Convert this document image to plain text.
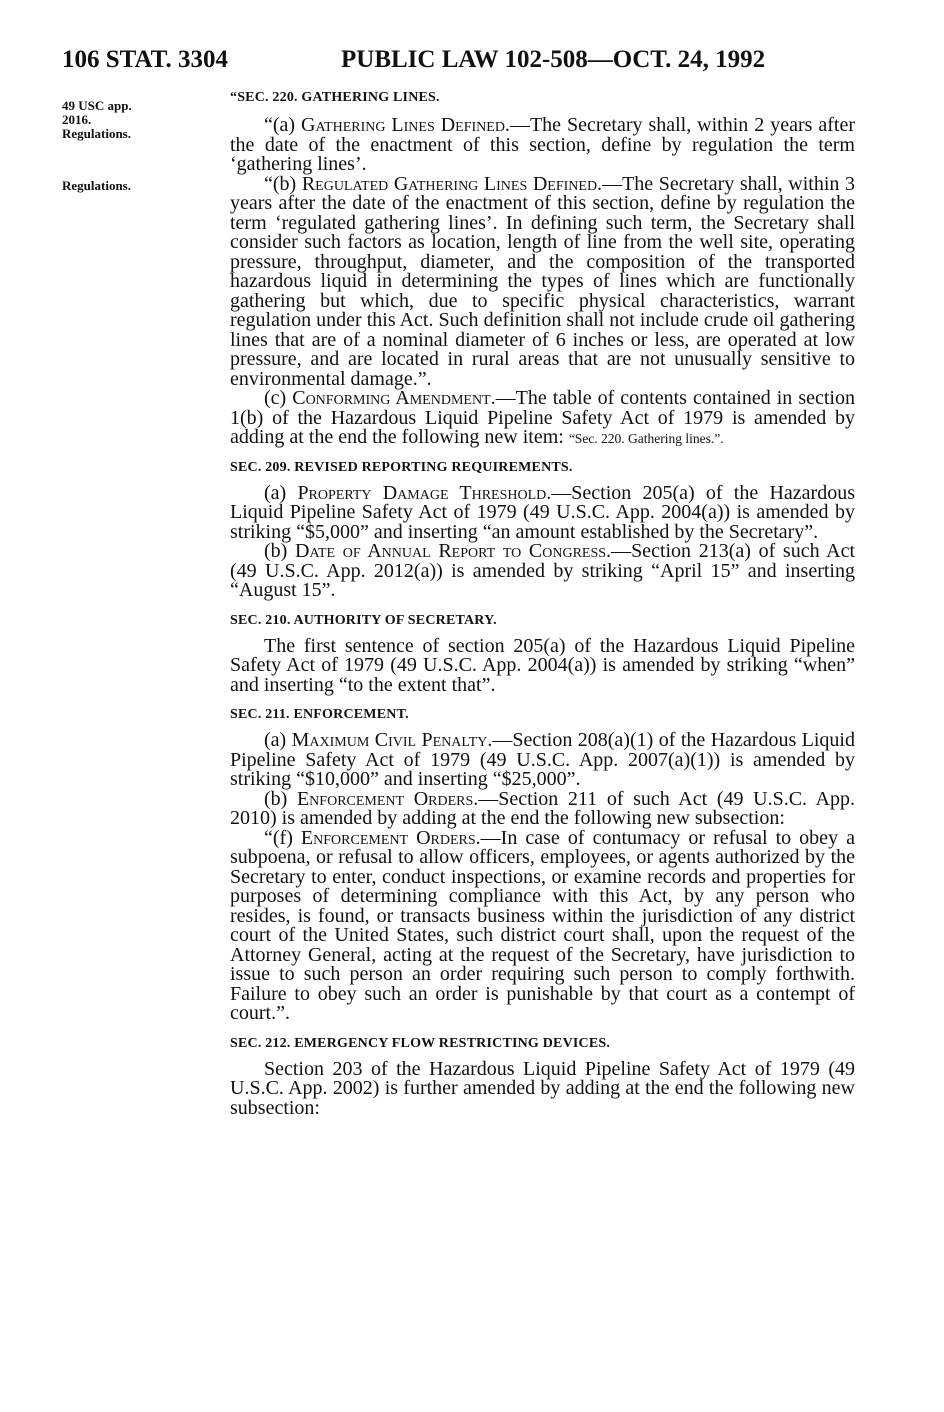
106 STAT. 3304	PUBLIC LAW 102-508—OCT. 24, 1992
49 USC app.
2016.
Regulations.
Regulations.
“SEC. 220. GATHERING LINES.

“(a) Gathering Lines Defined.—The Secretary shall, within 2 years after the date of the enactment of this section, define by regulation the term ‘gathering lines’.

“(b) Regulated Gathering Lines Defined.—The Secretary shall, within 3 years after the date of the enactment of this section, define by regulation the term ‘regulated gathering lines’. In defining such term, the Secretary shall consider such factors as location, length of line from the well site, operating pressure, throughput, diameter, and the composition of the transported hazardous liquid in determining the types of lines which are functionally gathering but which, due to specific physical characteristics, warrant regulation under this Act. Such definition shall not include crude oil gathering lines that are of a nominal diameter of 6 inches or less, are operated at low pressure, and are located in rural areas that are not unusually sensitive to environmental damage.”.

(c) Conforming Amendment.—The table of contents contained in section 1(b) of the Hazardous Liquid Pipeline Safety Act of 1979 is amended by adding at the end the following new item: “Sec. 220. Gathering lines.”.

SEC. 209. REVISED REPORTING REQUIREMENTS.

(a) Property Damage Threshold.—Section 205(a) of the Hazardous Liquid Pipeline Safety Act of 1979 (49 U.S.C. App. 2004(a)) is amended by striking “$5,000” and inserting “an amount established by the Secretary”.

(b) Date of Annual Report to Congress.—Section 213(a) of such Act (49 U.S.C. App. 2012(a)) is amended by striking “April 15” and inserting “August 15”.

SEC. 210. AUTHORITY OF SECRETARY.

The first sentence of section 205(a) of the Hazardous Liquid Pipeline Safety Act of 1979 (49 U.S.C. App. 2004(a)) is amended by striking “when” and inserting “to the extent that”.

SEC. 211. ENFORCEMENT.

(a) Maximum Civil Penalty.—Section 208(a)(1) of the Hazardous Liquid Pipeline Safety Act of 1979 (49 U.S.C. App. 2007(a)(1)) is amended by striking “$10,000” and inserting “$25,000”.

(b) Enforcement Orders.—Section 211 of such Act (49 U.S.C. App. 2010) is amended by adding at the end the following new subsection:

“(f) Enforcement Orders.—In case of contumacy or refusal to obey a subpoena, or refusal to allow officers, employees, or agents authorized by the Secretary to enter, conduct inspections, or examine records and properties for purposes of determining compliance with this Act, by any person who resides, is found, or transacts business within the jurisdiction of any district court of the United States, such district court shall, upon the request of the Attorney General, acting at the request of the Secretary, have jurisdiction to issue to such person an order requiring such person to comply forthwith. Failure to obey such an order is punishable by that court as a contempt of court.”.

SEC. 212. EMERGENCY FLOW RESTRICTING DEVICES.

Section 203 of the Hazardous Liquid Pipeline Safety Act of 1979 (49 U.S.C. App. 2002) is further amended by adding at the end the following new subsection:
